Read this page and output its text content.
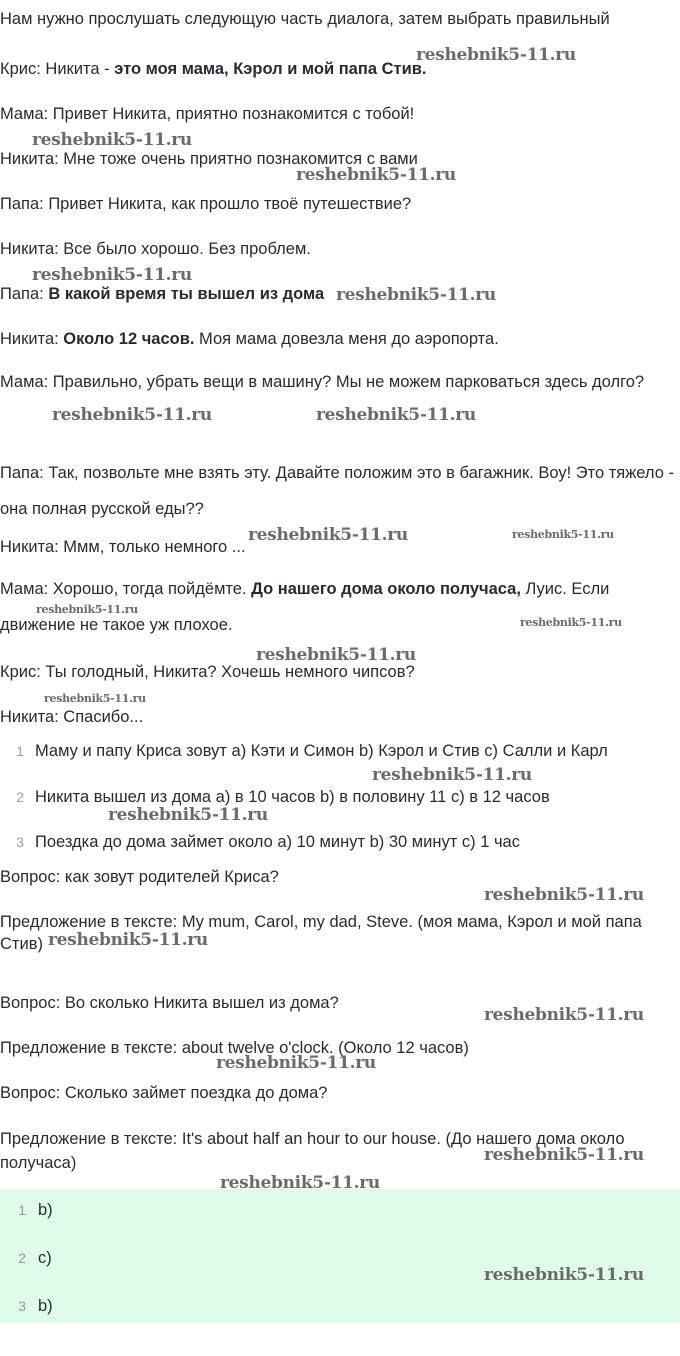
Нам нужно прослушать следующую часть диалога, затем выбрать правильный

Крис: Никита - это моя мама, Кэрол и мой папа Стив.

Мама: Привет Никита, приятно познакомится с тобой!

Никита: Мне тоже очень приятно познакомится с вами

Папа: Привет Никита, как прошло твоё путешествие?

Никита: Все было хорошо. Без проблем.

Папа: В какой время ты вышел из дома

Никита: Около 12 часов. Моя мама довезла меня до аэропорта.

Мама: Правильно, убрать вещи в машину? Мы не можем парковаться здесь долго?

Папа: Так, позвольте мне взять эту. Давайте положим это в багажник. Воу! Это тяжело - она полная русской еды??

Никита: Ммм, только немного ...

Мама: Хорошо, тогда пойдёмте. До нашего дома около получаса, Луис. Если движение не такое уж плохое.

Крис: Ты голодный, Никита? Хочешь немного чипсов?

Никита: Спасибо...

1 Маму и папу Криса зовут a) Кэти и Симон b) Кэрол и Стив c) Салли и Карл
2 Никита вышел из дома a) в 10 часов b) в половину 11 c) в 12 часов
3 Поездка до дома займет около a) 10 минут b) 30 минут c) 1 час

Вопрос: как зовут родителей Криса?

Предложение в тексте: My mum, Carol, my dad, Steve. (моя мама, Кэрол и мой папа Стив)

Вопрос: Во сколько Никита вышел из дома?

Предложение в тексте: about twelve o'clock. (Около 12 часов)

Вопрос: Сколько займет поездка до дома?

Предложение в тексте: It's about half an hour to our house. (До нашего дома около получаса)

1 b)
2 c)
3 b)
reshebnik5-11.ru
reshebnik5-11.ru
reshebnik5-11.ru
reshebnik5-11.ru
reshebnik5-11.ru
reshebnik5-11.ru	reshebnik5-11.ru
reshebnik5-11.ru	reshebnik5-11.ru
reshebnik5-11.ru
reshebnik5-11.ru
reshebnik5-11.ru
reshebnik5-11.ru
reshebnik5-11.ru
reshebnik5-11.ru
reshebnik5-11.ru
reshebnik5-11.ru
reshebnik5-11.ru
reshebnik5-11.ru
reshebnik5-11.ru
reshebnik5-11.ru
reshebnik5-11.ru
